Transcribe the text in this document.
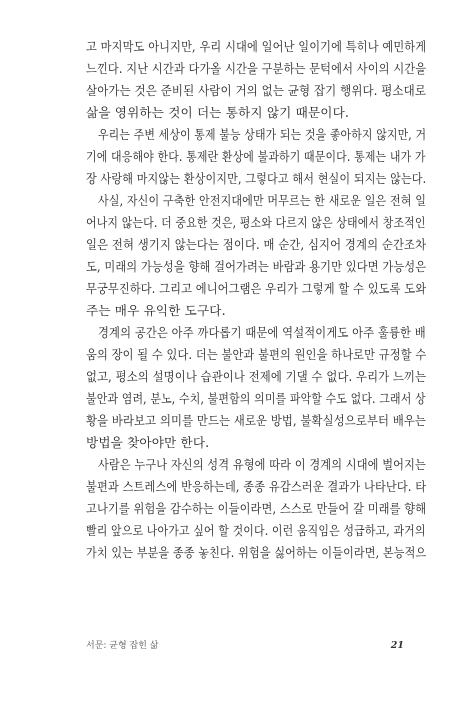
고 마지막도 아니지만, 우리 시대에 일어난 일이기에 특히나 예민하게
느낀다. 지난 시간과 다가올 시간을 구분하는 문턱에서 사이의 시간을
살아가는 것은 준비된 사람이 거의 없는 균형 잡기 행위다. 평소대로
삶을 영위하는 것이 더는 통하지 않기 때문이다.
우리는 주변 세상이 통제 불능 상태가 되는 것을 좋아하지 않지만, 거
기에 대응해야 한다. 통제란 환상에 불과하기 때문이다. 통제는 내가 가
장 사랑해 마지않는 환상이지만, 그렇다고 해서 현실이 되지는 않는다.
사실, 자신이 구축한 안전지대에만 머무르는 한 새로운 일은 전혀 일
어나지 않는다. 더 중요한 것은, 평소와 다르지 않은 상태에서 창조적인
일은 전혀 생기지 않는다는 점이다. 매 순간, 심지어 경계의 순간조차
도, 미래의 가능성을 향해 걸어가려는 바람과 용기만 있다면 가능성은
무궁무진하다. 그리고 에니어그램은 우리가 그렇게 할 수 있도록 도와
주는 매우 유익한 도구다.
경계의 공간은 아주 까다롭기 때문에 역설적이게도 아주 훌륭한 배
움의 장이 될 수 있다. 더는 불안과 불편의 원인을 하나로만 규정할 수
없고, 평소의 설명이나 습관이나 전제에 기댈 수 없다. 우리가 느끼는
불안과 염려, 분노, 수치, 불편함의 의미를 파악할 수도 없다. 그래서 상
황을 바라보고 의미를 만드는 새로운 방법, 불확실성으로부터 배우는
방법을 찾아야만 한다.
사람은 누구나 자신의 성격 유형에 따라 이 경계의 시대에 벌어지는
불편과 스트레스에 반응하는데, 종종 유감스러운 결과가 나타난다. 타
고나기를 위험을 감수하는 이들이라면, 스스로 만들어 갈 미래를 향해
빨리 앞으로 나아가고 싶어 할 것이다. 이런 움직임은 성급하고, 과거의
가치 있는 부분을 종종 놓친다. 위험을 싫어하는 이들이라면, 본능적으
서문: 균형 잡힌 삶	21
